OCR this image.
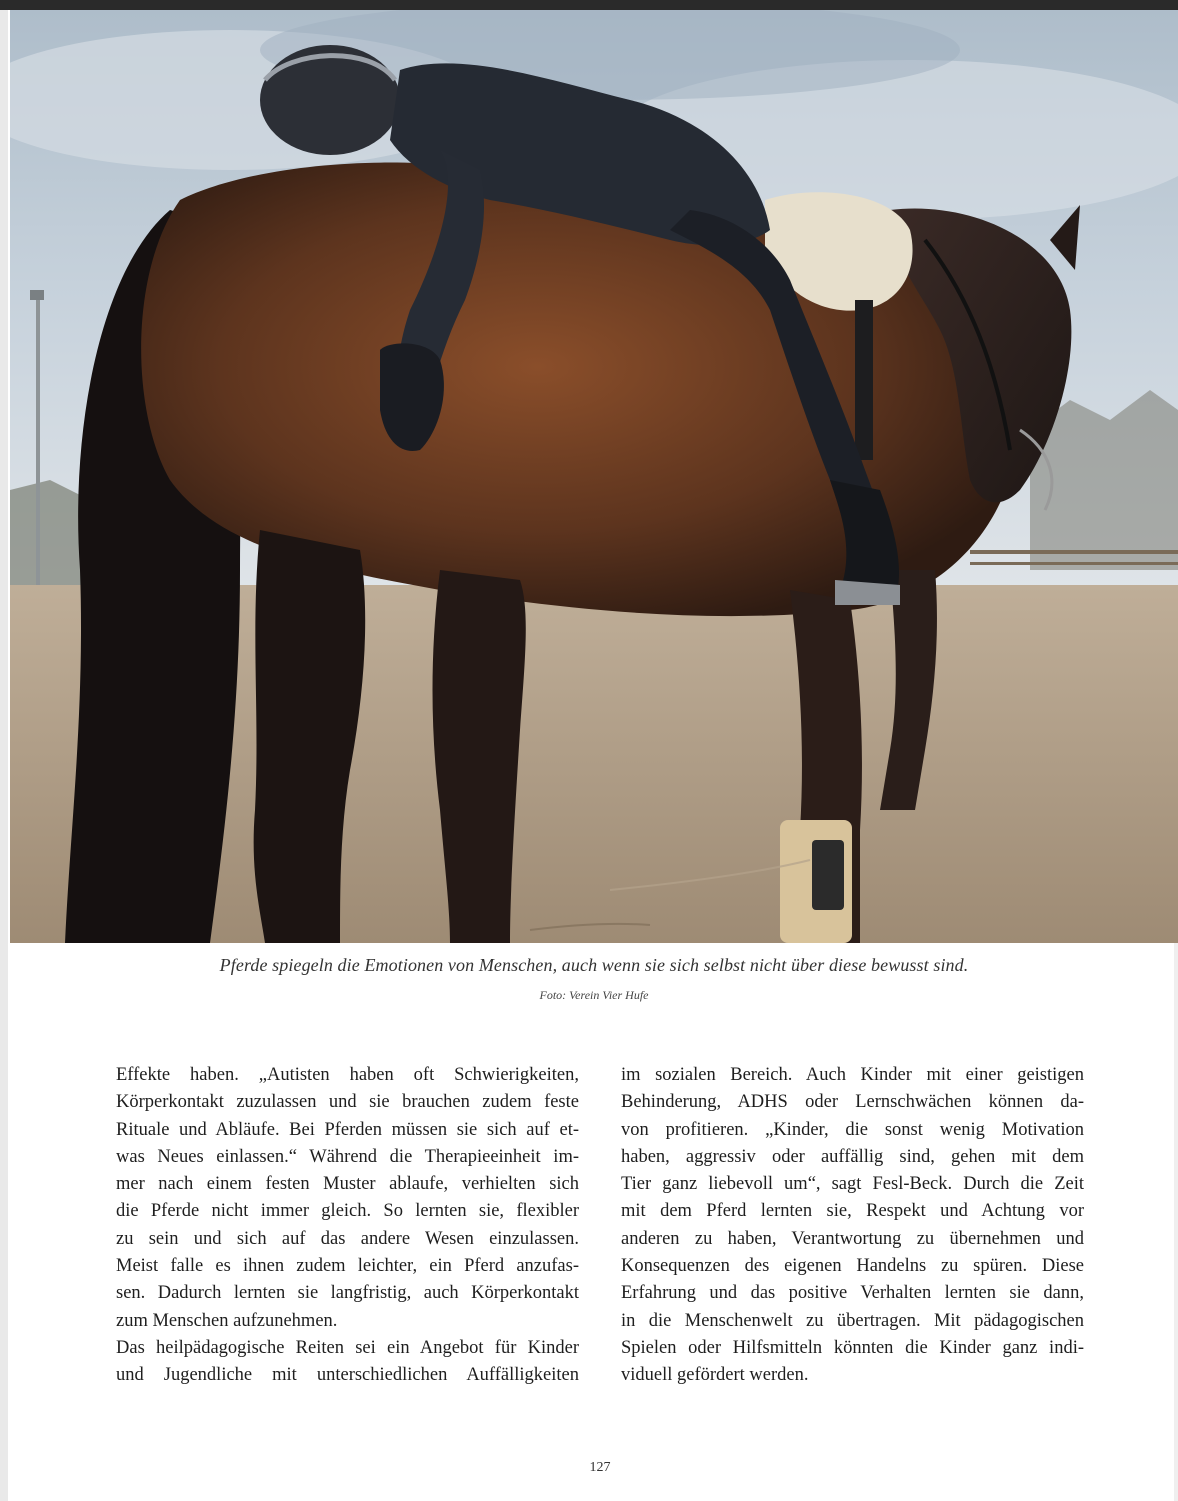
Pferde spiegeln die Emotionen von Menschen, auch wenn sie sich selbst nicht über diese bewusst sind.
Foto: Verein Vier Hufe

Effekte haben. „Autisten haben oft Schwierigkeiten,

Körperkontakt zuzulassen und sie brauchen zudem feste

Rituale und Abläufe. Bei Pferden müssen sie sich auf et-

was Neues einlassen.“ Während die Therapieeinheit im-

mer nach einem festen Muster ablaufe, verhielten sich

die Pferde nicht immer gleich. So lernten sie, flexibler

zu sein und sich auf das andere Wesen einzulassen.

Meist falle es ihnen zudem leichter, ein Pferd anzufas-

sen. Dadurch lernten sie langfristig, auch Körperkontakt

zum Menschen aufzunehmen.

Das heilpädagogische Reiten sei ein Angebot für Kinder

und Jugendliche mit unterschiedlichen Auffälligkeiten

im sozialen Bereich. Auch Kinder mit einer geistigen

Behinderung, ADHS oder Lernschwächen können da-

von profitieren. „Kinder, die sonst wenig Motivation

haben, aggressiv oder auffällig sind, gehen mit dem

Tier ganz liebevoll um“, sagt Fesl-Beck. Durch die Zeit

mit dem Pferd lernten sie, Respekt und Achtung vor

anderen zu haben, Verantwortung zu übernehmen und

Konsequenzen des eigenen Handelns zu spüren. Diese

Erfahrung und das positive Verhalten lernten sie dann,

in die Menschenwelt zu übertragen. Mit pädagogischen

Spielen oder Hilfsmitteln könnten die Kinder ganz indi-

viduell gefördert werden.

127
